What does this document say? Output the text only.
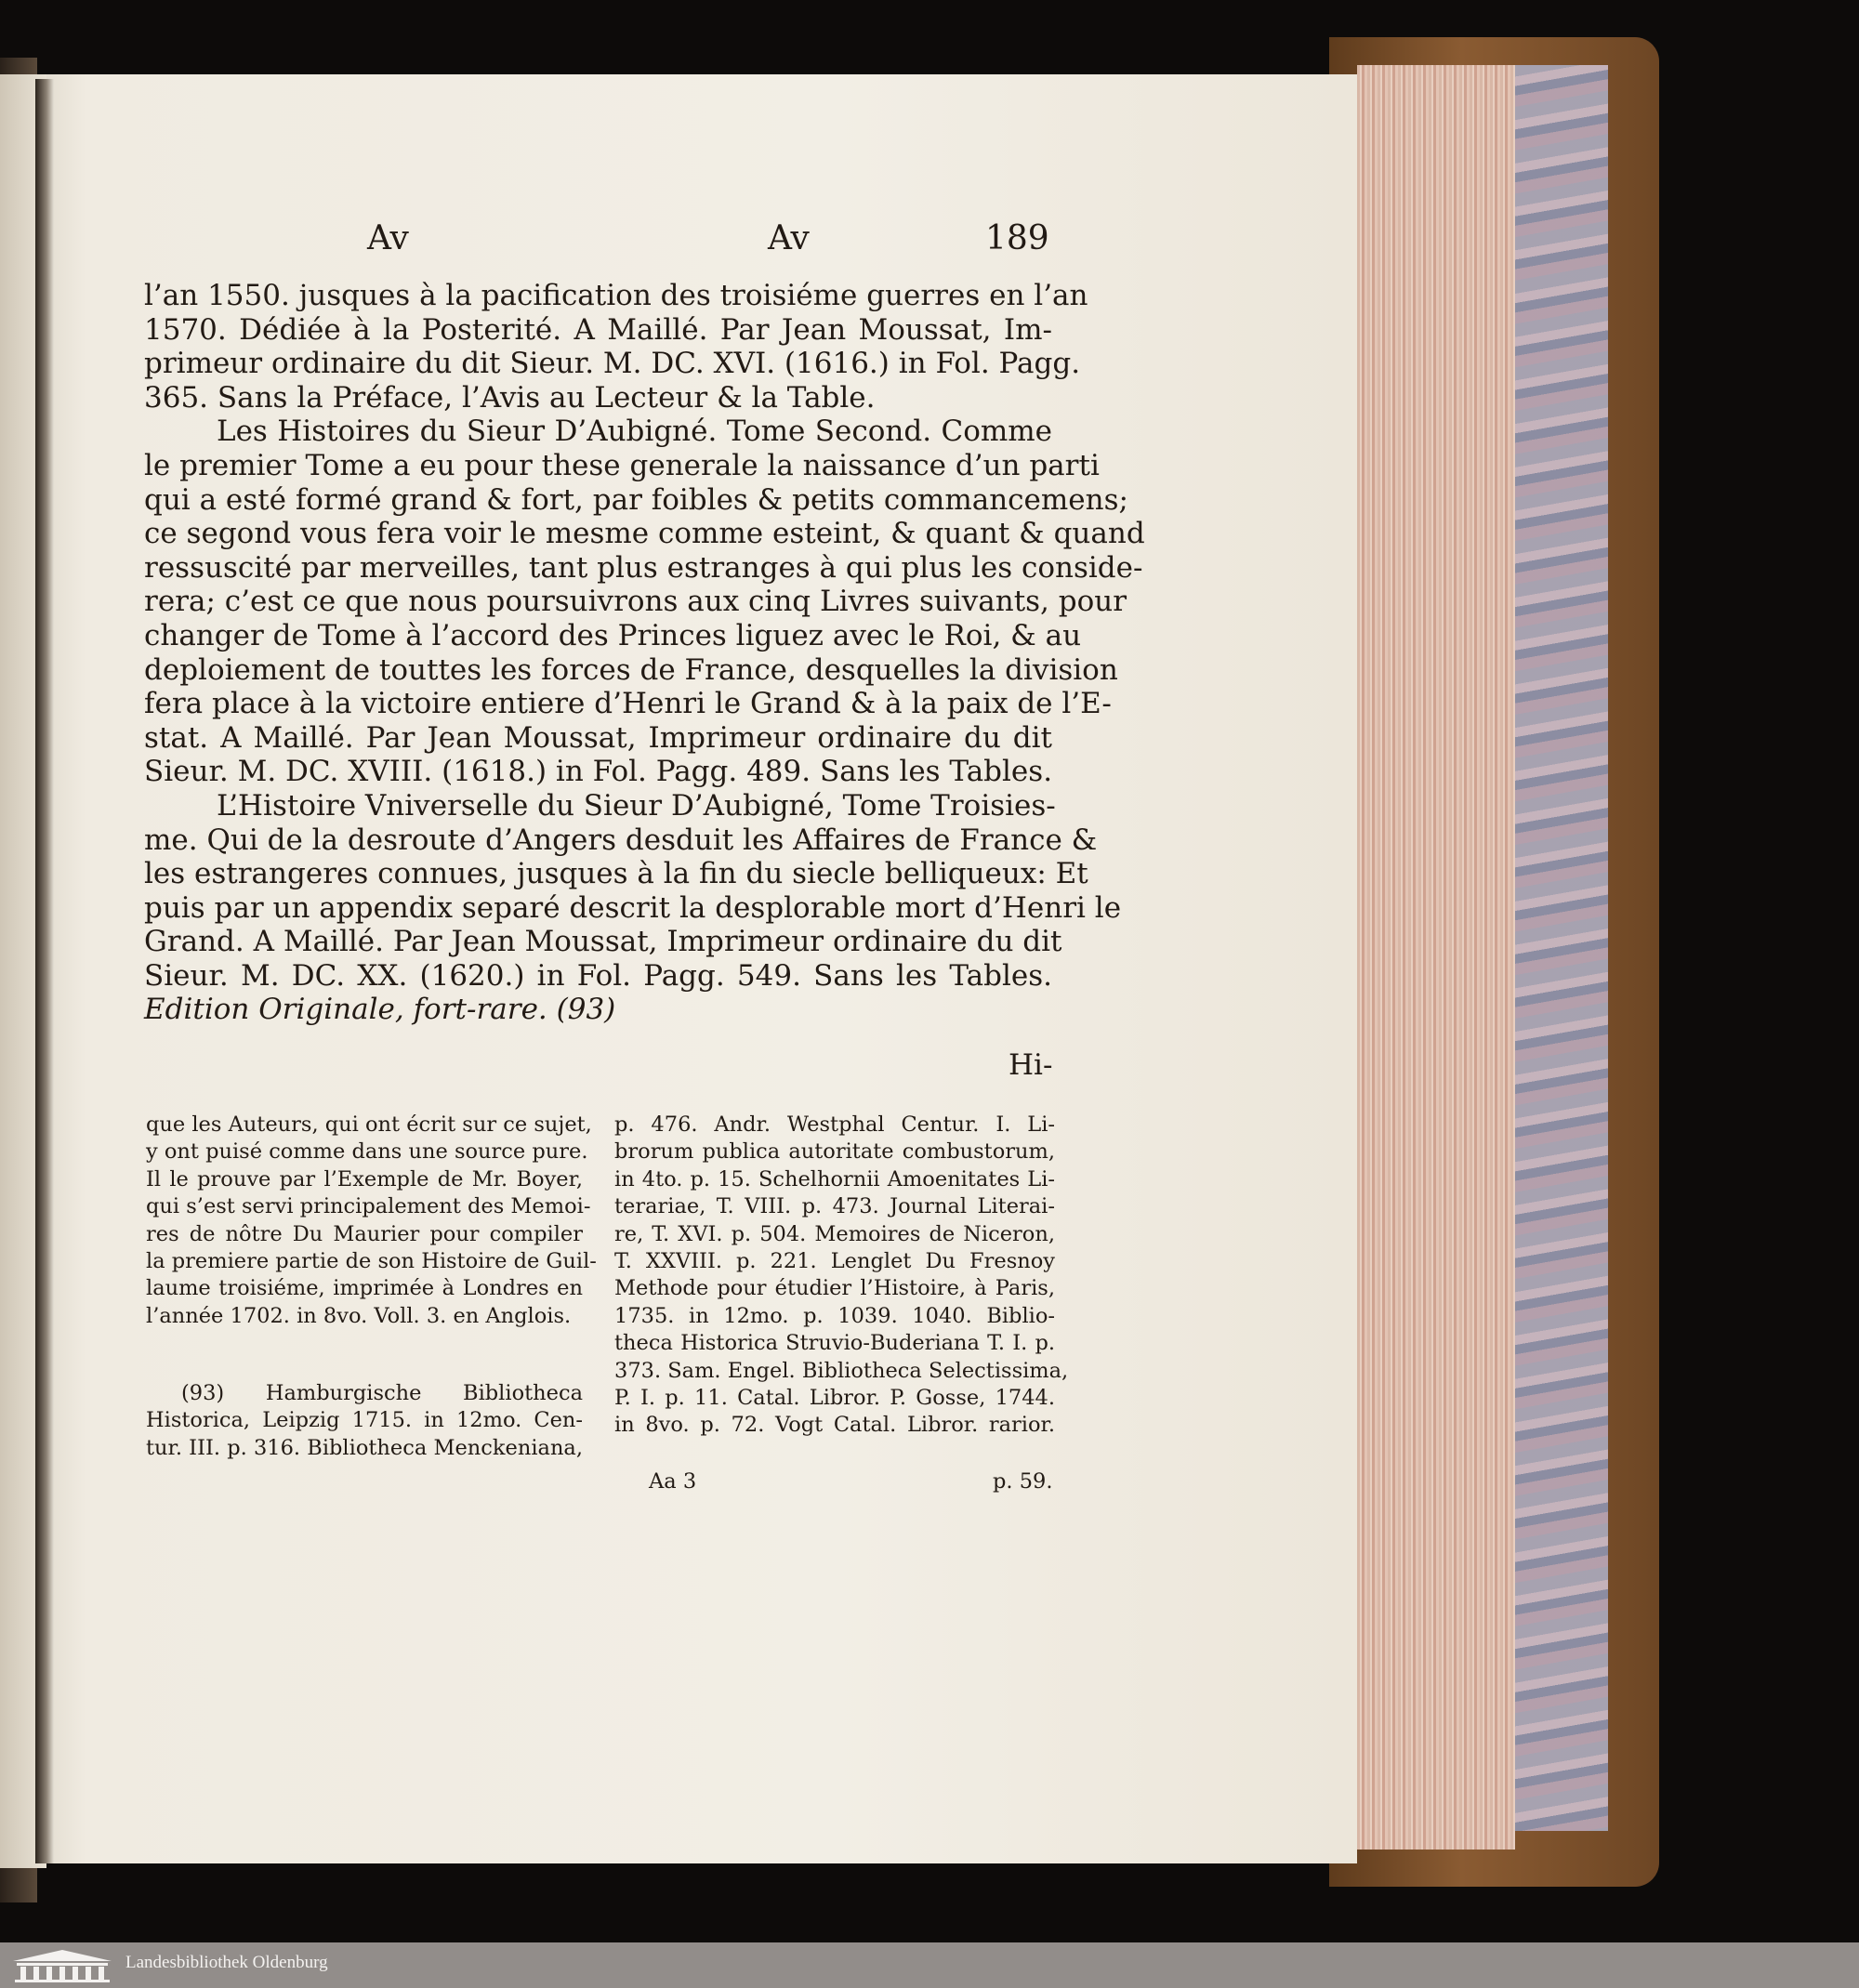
Av	Av	189
l’an 1550. jusques à la pacification des troisiéme guerres en l’an
1570. Dédiée à la Posterité. A Maillé. Par Jean Moussat, Im-
primeur ordinaire du dit Sieur. M. DC. XVI. (1616.) in Fol. Pagg.
365. Sans la Préface, l’Avis au Lecteur & la Table.
Les Histoires du Sieur D’Aubigné. Tome Second. Comme
le premier Tome a eu pour these generale la naissance d’un parti
qui a esté formé grand & fort, par foibles & petits commancemens;
ce segond vous fera voir le mesme comme esteint, & quant & quand
ressuscité par merveilles, tant plus estranges à qui plus les conside-
rera; c’est ce que nous poursuivrons aux cinq Livres suivants, pour
changer de Tome à l’accord des Princes liguez avec le Roi, & au
deploiement de touttes les forces de France, desquelles la division
fera place à la victoire entiere d’Henri le Grand & à la paix de l’E-
stat. A Maillé. Par Jean Moussat, Imprimeur ordinaire du dit
Sieur. M. DC. XVIII. (1618.) in Fol. Pagg. 489. Sans les Tables.
L’Histoire Vniverselle du Sieur D’Aubigné, Tome Troisies-
me. Qui de la desroute d’Angers desduit les Affaires de France &
les estrangeres connues, jusques à la fin du siecle belliqueux: Et
puis par un appendix separé descrit la desplorable mort d’Henri le
Grand. A Maillé. Par Jean Moussat, Imprimeur ordinaire du dit
Sieur. M. DC. XX. (1620.) in Fol. Pagg. 549. Sans les Tables.
Edition Originale, fort-rare. (93)
Hi-
que les Auteurs, qui ont écrit sur ce sujet,
y ont puisé comme dans une source pure.
Il le prouve par l’Exemple de Mr. Boyer,
qui s’est servi principalement des Memoi-
res de nôtre Du Maurier pour compiler
la premiere partie de son Histoire de Guil-
laume troisiéme, imprimée à Londres en
l’année 1702. in 8vo. Voll. 3. en Anglois.
(93) Hamburgische Bibliotheca
Historica, Leipzig 1715. in 12mo. Cen-
tur. III. p. 316. Bibliotheca Menckeniana,
p. 476. Andr. Westphal Centur. I. Li-
brorum publica autoritate combustorum,
in 4to. p. 15. Schelhornii Amoenitates Li-
terariae, T. VIII. p. 473. Journal Literai-
re, T. XVI. p. 504. Memoires de Niceron,
T. XXVIII. p. 221. Lenglet Du Fresnoy
Methode pour étudier l’Histoire, à Paris,
1735. in 12mo. p. 1039. 1040. Biblio-
theca Historica Struvio-Buderiana T. I. p.
373. Sam. Engel. Bibliotheca Selectissima,
P. I. p. 11. Catal. Libror. P. Gosse, 1744.
in 8vo. p. 72. Vogt Catal. Libror. rarior.
Aa 3	p. 59.
Landesbibliothek Oldenburg
